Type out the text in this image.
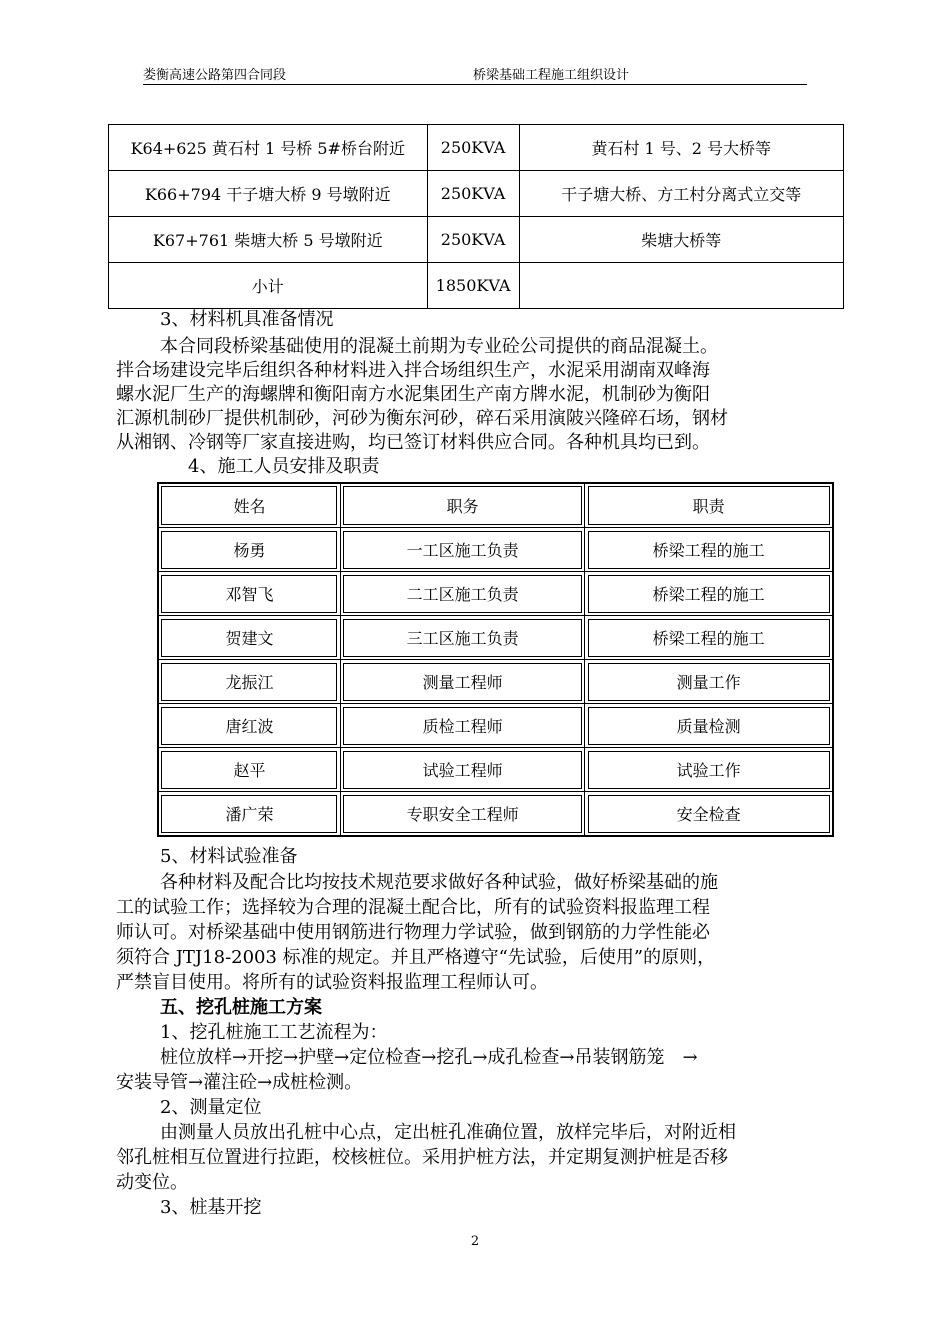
娄衡高速公路第四合同段	桥梁基础工程施工组织设计
K64+625 黄石村 1 号桥 5#桥台附近	250KVA	黄石村 1 号、2 号大桥等
K66+794 干子塘大桥 9 号墩附近	250KVA	干子塘大桥、方工村分离式立交等
K67+761 柴塘大桥 5 号墩附近	250KVA	柴塘大桥等
小计	1850KVA	
3、材料机具准备情况
本合同段桥梁基础使用的混凝土前期为专业砼公司提供的商品混凝土。
拌合场建设完毕后组织各种材料进入拌合场组织生产，水泥采用湖南双峰海
螺水泥厂生产的海螺牌和衡阳南方水泥集团生产南方牌水泥，机制砂为衡阳
汇源机制砂厂提供机制砂，河砂为衡东河砂，碎石采用演陂兴隆碎石场，钢材
从湘钢、冷钢等厂家直接进购，均已签订材料供应合同。各种机具均已到。
4、施工人员安排及职责
姓名	职务	职责
杨勇	一工区施工负责	桥梁工程的施工
邓智飞	二工区施工负责	桥梁工程的施工
贺建文	三工区施工负责	桥梁工程的施工
龙振江	测量工程师	测量工作
唐红波	质检工程师	质量检测
赵平	试验工程师	试验工作
潘广荣	专职安全工程师	安全检查
5、材料试验准备
各种材料及配合比均按技术规范要求做好各种试验，做好桥梁基础的施
工的试验工作；选择较为合理的混凝土配合比，所有的试验资料报监理工程
师认可。对桥梁基础中使用钢筋进行物理力学试验，做到钢筋的力学性能必
须符合 JTJ18-2003 标准的规定。并且严格遵守“先试验，后使用”的原则，
严禁盲目使用。将所有的试验资料报监理工程师认可。
五、挖孔桩施工方案
1、挖孔桩施工工艺流程为：
桩位放样→开挖→护壁→定位检查→挖孔→成孔检查→吊装钢筋笼　→
安装导管→灌注砼→成桩检测。
2、测量定位
由测量人员放出孔桩中心点，定出桩孔准确位置，放样完毕后，对附近相
邻孔桩相互位置进行拉距，校核桩位。采用护桩方法，并定期复测护桩是否移
动变位。
3、桩基开挖
2
